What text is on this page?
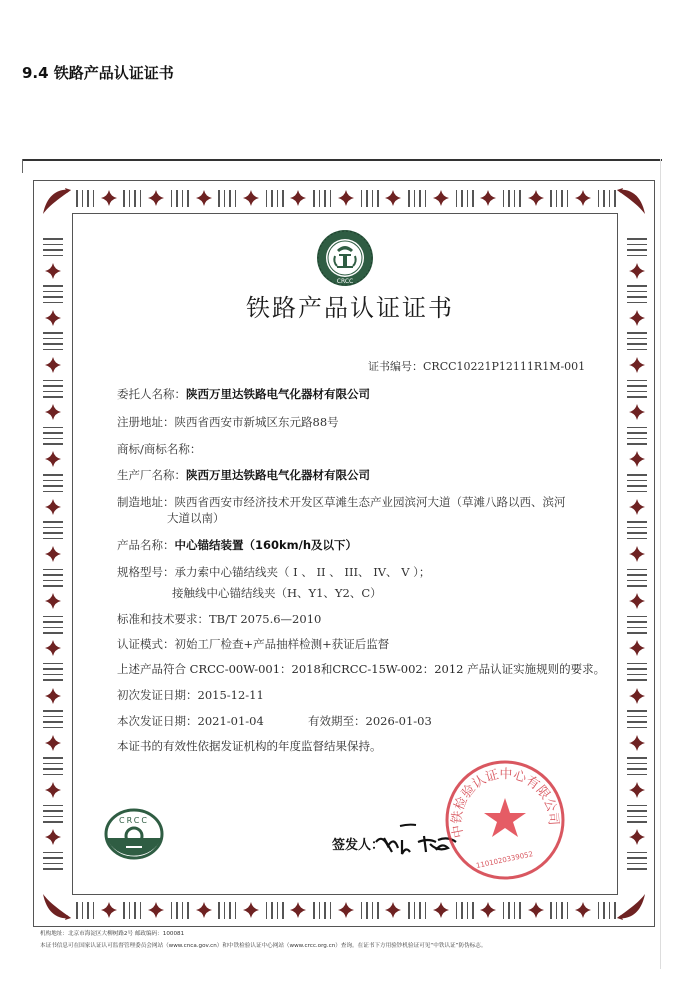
9.4 铁路产品认证证书
CRCC
铁路产品认证证书
证书编号：CRCC10221P12111R1M-001
委托人名称：陕西万里达铁路电气化器材有限公司
注册地址：陕西省西安市新城区东元路88号
商标/商标名称：
生产厂名称：陕西万里达铁路电气化器材有限公司
制造地址：陕西省西安市经济技术开发区草滩生态产业园滨河大道（草滩八路以西、滨河
大道以南）
产品名称：中心锚结装置（160km/h及以下）
规格型号：承力索中心锚结线夹（ I 、 II 、 III、 IV、 V ）；
接触线中心锚结线夹（H、Y1、Y2、C）
标准和技术要求：TB/T 2075.6—2010
认证模式：初始工厂检查+产品抽样检测+获证后监督
上述产品符合 CRCC-00W-001：2018和CRCC-15W-002：2012 产品认证实施规则的要求。
初次发证日期：2015-12-11
本次发证日期：2021-01-04	有效期至：2026-01-03
本证书的有效性依据发证机构的年度监督结果保持。
CRCC
签发人：
中铁检验认证中心有限公司
1101020339052
机构地址：北京市海淀区大柳树路2号 邮政编码：100081
本证书信息可在国家认证认可监督管理委员会网站（www.cnca.gov.cn）和中铁检验认证中心网站（www.crcc.org.cn）查询。在证书下方用验钞机验证可见“中铁认证”防伪标志。
